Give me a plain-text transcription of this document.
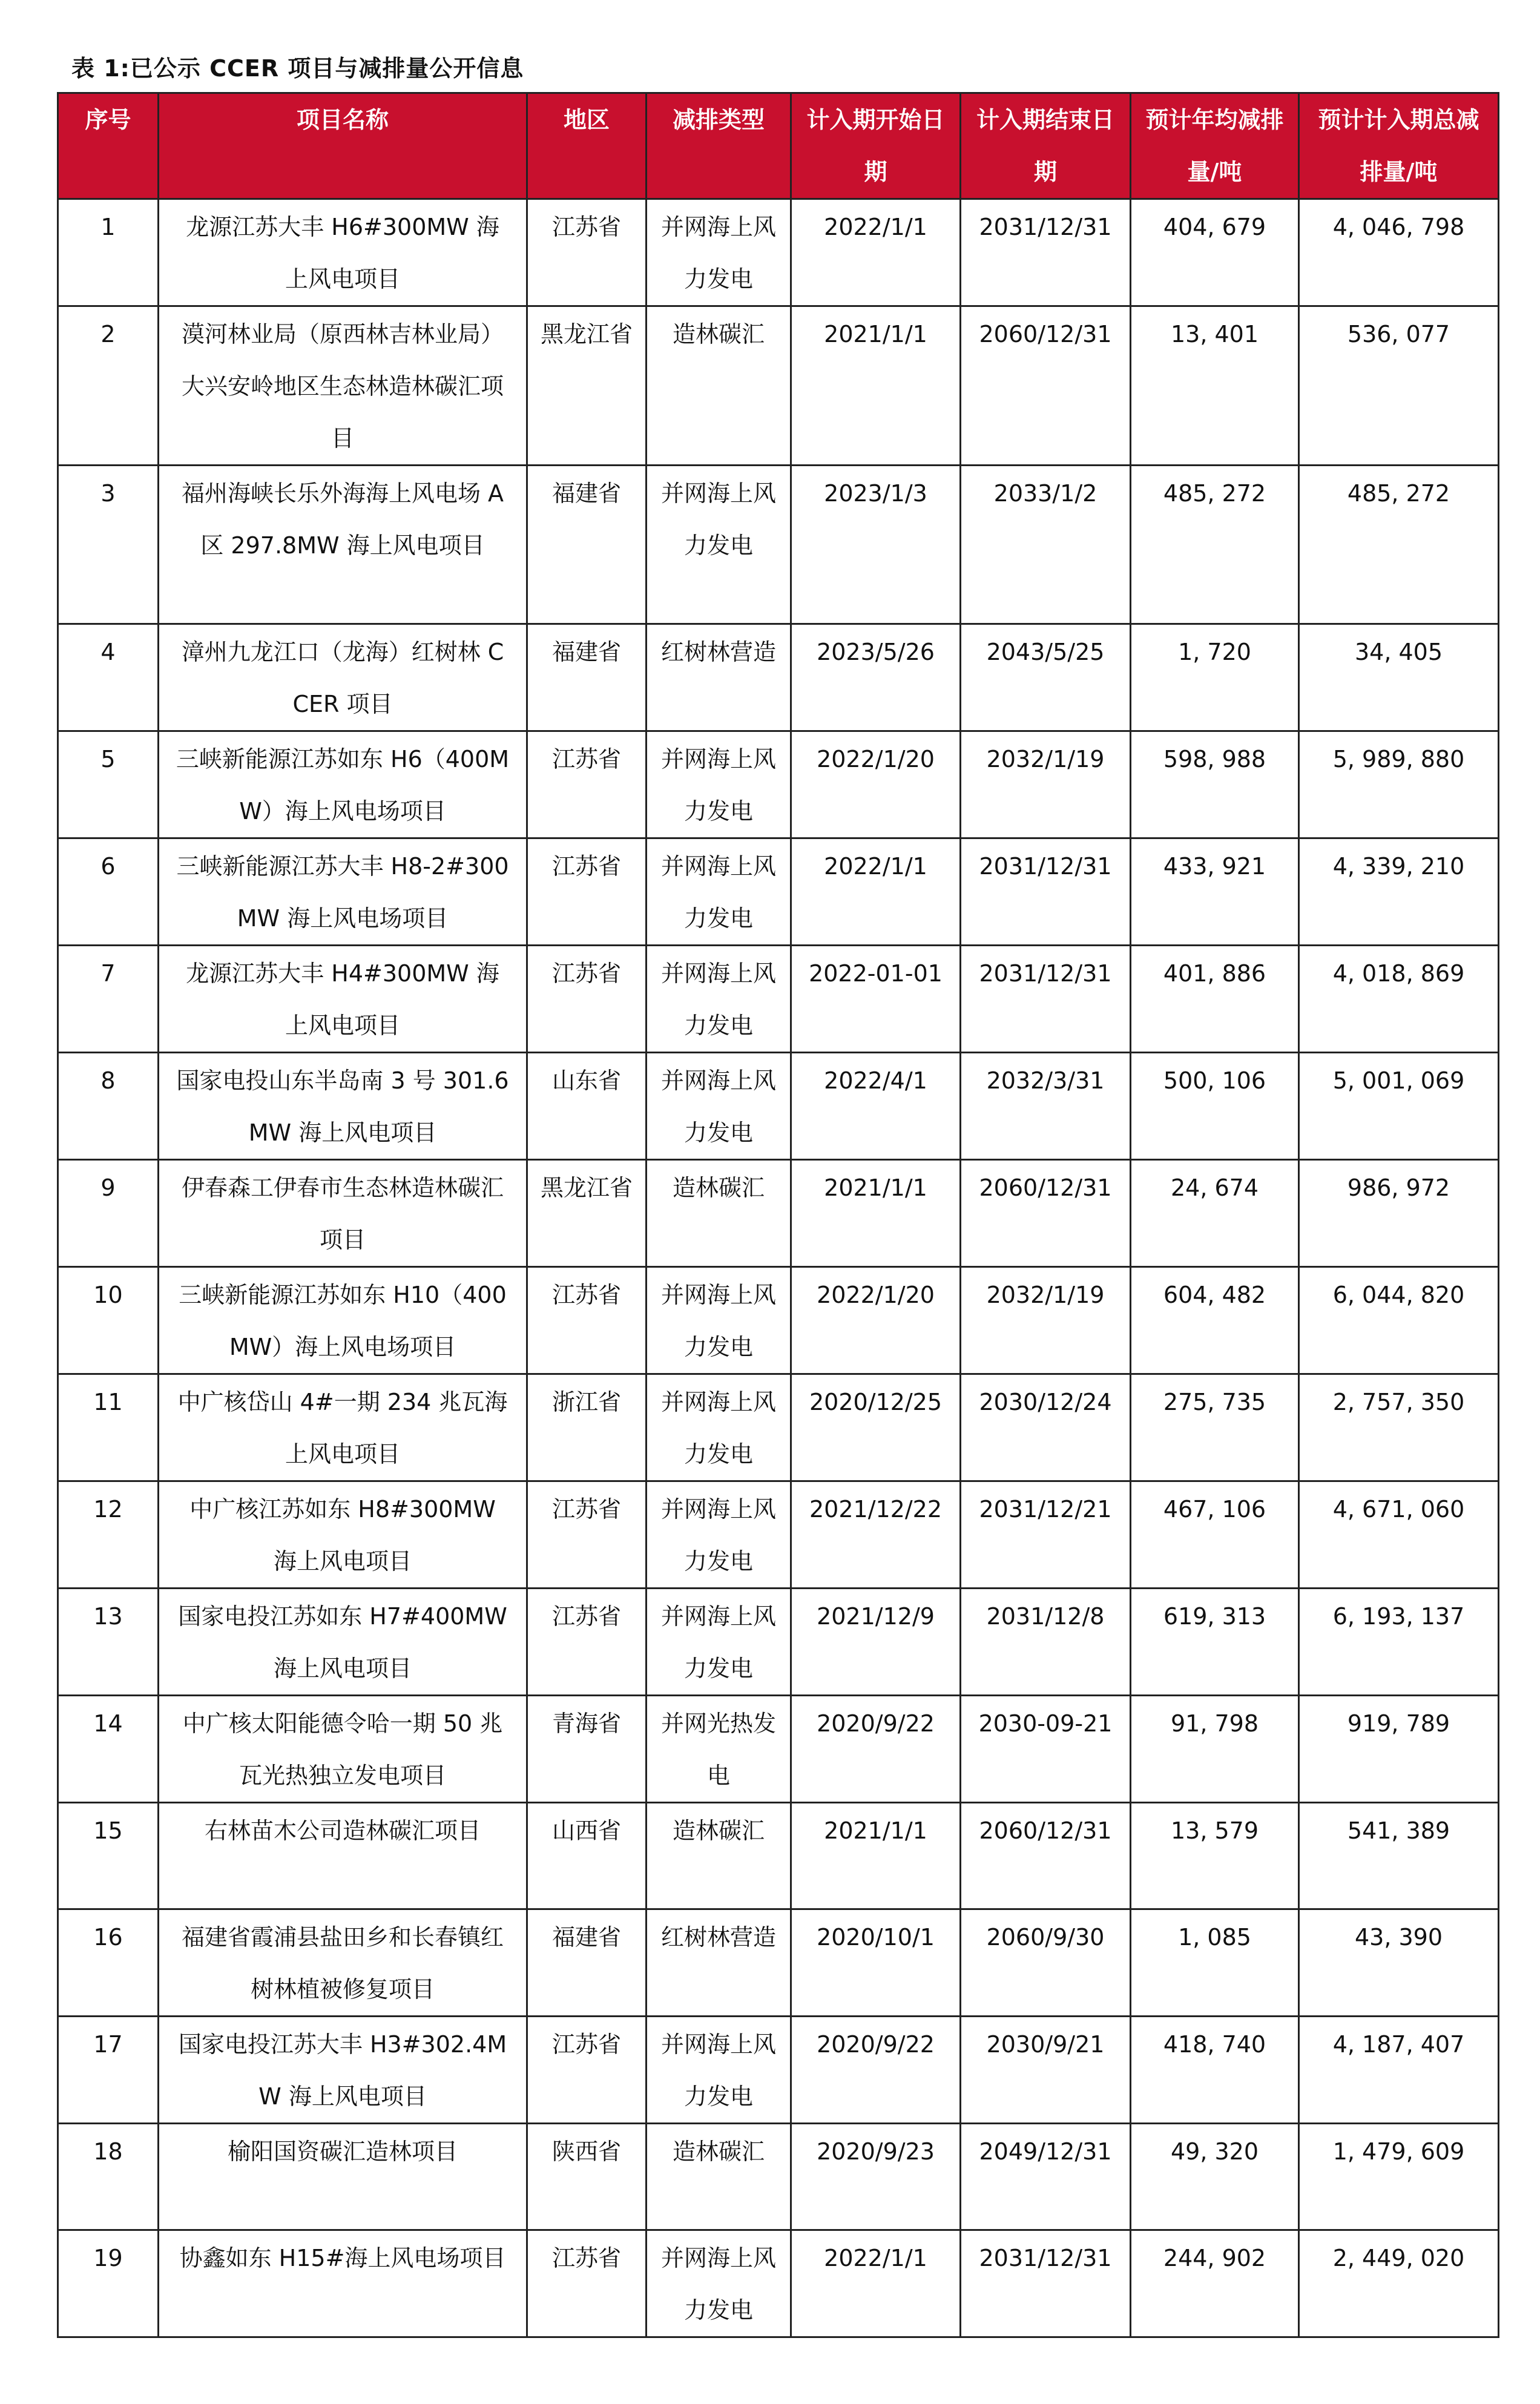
表 1:已公示 CCER 项目与减排量公开信息
序号	项目名称	地区	减排类型	计入期开始日期	计入期结束日期	预计年均减排量/吨	预计计入期总减排量/吨
1	龙源江苏大丰 H6#300MW 海上风电项目	江苏省	并网海上风力发电	2022/1/1	2031/12/31	404, 679	4, 046, 798
2	漠河林业局（原西林吉林业局）大兴安岭地区生态林造林碳汇项目	黑龙江省	造林碳汇	2021/1/1	2060/12/31	13, 401	536, 077
3	福州海峡长乐外海海上风电场 A 区 297.8MW 海上风电项目	福建省	并网海上风力发电	2023/1/3	2033/1/2	485, 272	485, 272
4	漳州九龙江口（龙海）红树林 CCER 项目	福建省	红树林营造	2023/5/26	2043/5/25	1, 720	34, 405
5	三峡新能源江苏如东 H6（400MW）海上风电场项目	江苏省	并网海上风力发电	2022/1/20	2032/1/19	598, 988	5, 989, 880
6	三峡新能源江苏大丰 H8-2#300MW 海上风电场项目	江苏省	并网海上风力发电	2022/1/1	2031/12/31	433, 921	4, 339, 210
7	龙源江苏大丰 H4#300MW 海上风电项目	江苏省	并网海上风力发电	2022-01-01	2031/12/31	401, 886	4, 018, 869
8	国家电投山东半岛南 3 号 301.6MW 海上风电项目	山东省	并网海上风力发电	2022/4/1	2032/3/31	500, 106	5, 001, 069
9	伊春森工伊春市生态林造林碳汇项目	黑龙江省	造林碳汇	2021/1/1	2060/12/31	24, 674	986, 972
10	三峡新能源江苏如东 H10（400MW）海上风电场项目	江苏省	并网海上风力发电	2022/1/20	2032/1/19	604, 482	6, 044, 820
11	中广核岱山 4#一期 234 兆瓦海上风电项目	浙江省	并网海上风力发电	2020/12/25	2030/12/24	275, 735	2, 757, 350
12	中广核江苏如东 H8#300MW 海上风电项目	江苏省	并网海上风力发电	2021/12/22	2031/12/21	467, 106	4, 671, 060
13	国家电投江苏如东 H7#400MW 海上风电项目	江苏省	并网海上风力发电	2021/12/9	2031/12/8	619, 313	6, 193, 137
14	中广核太阳能德令哈一期 50 兆瓦光热独立发电项目	青海省	并网光热发电	2020/9/22	2030-09-21	91, 798	919, 789
15	右林苗木公司造林碳汇项目	山西省	造林碳汇	2021/1/1	2060/12/31	13, 579	541, 389
16	福建省霞浦县盐田乡和长春镇红树林植被修复项目	福建省	红树林营造	2020/10/1	2060/9/30	1, 085	43, 390
17	国家电投江苏大丰 H3#302.4MW 海上风电项目	江苏省	并网海上风力发电	2020/9/22	2030/9/21	418, 740	4, 187, 407
18	榆阳国资碳汇造林项目	陕西省	造林碳汇	2020/9/23	2049/12/31	49, 320	1, 479, 609
19	协鑫如东 H15#海上风电场项目	江苏省	并网海上风力发电	2022/1/1	2031/12/31	244, 902	2, 449, 020
